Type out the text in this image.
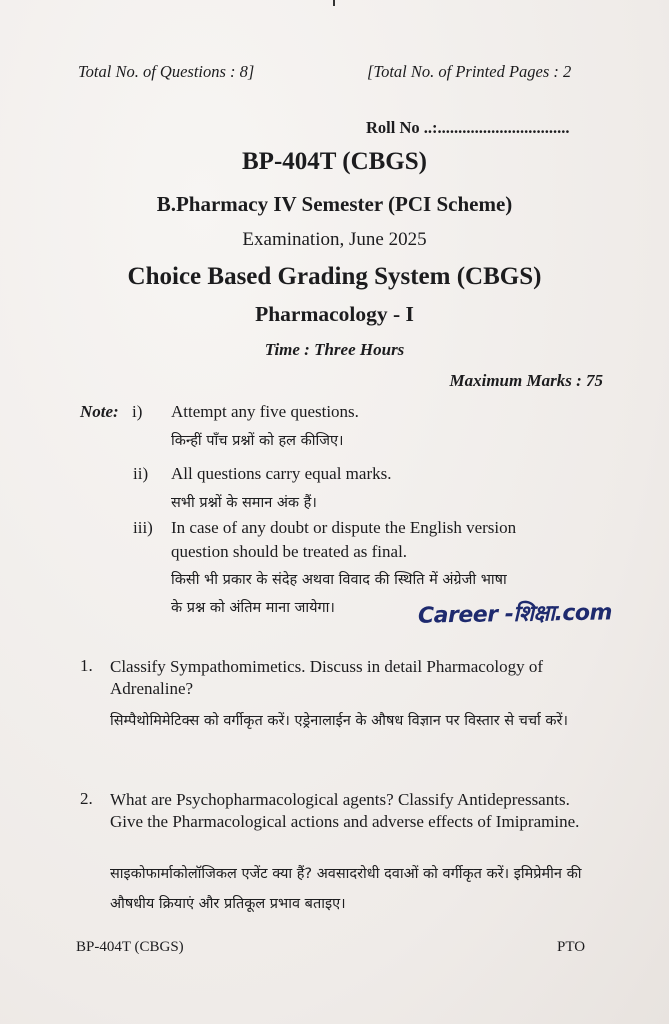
Total No. of Questions : 8]	[Total No. of Printed Pages : 2
Roll No ..:................................
BP-404T (CBGS)
B.Pharmacy IV Semester (PCI Scheme)
Examination, June 2025
Choice Based Grading System (CBGS)
Pharmacology - I
Time : Three Hours
Maximum Marks : 75
Note: i) Attempt any five questions.
किन्हीं पाँच प्रश्नों को हल कीजिए।
ii) All questions carry equal marks.
सभी प्रश्नों के समान अंक हैं।
iii) In case of any doubt or dispute the English version
question should be treated as final.
किसी भी प्रकार के संदेह अथवा विवाद की स्थिति में अंग्रेजी भाषा
के प्रश्न को अंतिम माना जायेगा।	Career -शिक्षा.com
1. Classify Sympathomimetics. Discuss in detail Pharmacology of Adrenaline?
सिम्पैथोमिमेटिक्स को वर्गीकृत करें। एड्रेनालाईन के औषध विज्ञान पर विस्तार से चर्चा करें।
2. What are Psychopharmacological agents? Classify Antidepressants. Give the Pharmacological actions and adverse effects of Imipramine.
साइकोफार्माकोलॉजिकल एजेंट क्या हैं? अवसादरोधी दवाओं को वर्गीकृत करें। इमिप्रेमीन की औषधीय क्रियाएं और प्रतिकूल प्रभाव बताइए।
BP-404T (CBGS)	PTO
